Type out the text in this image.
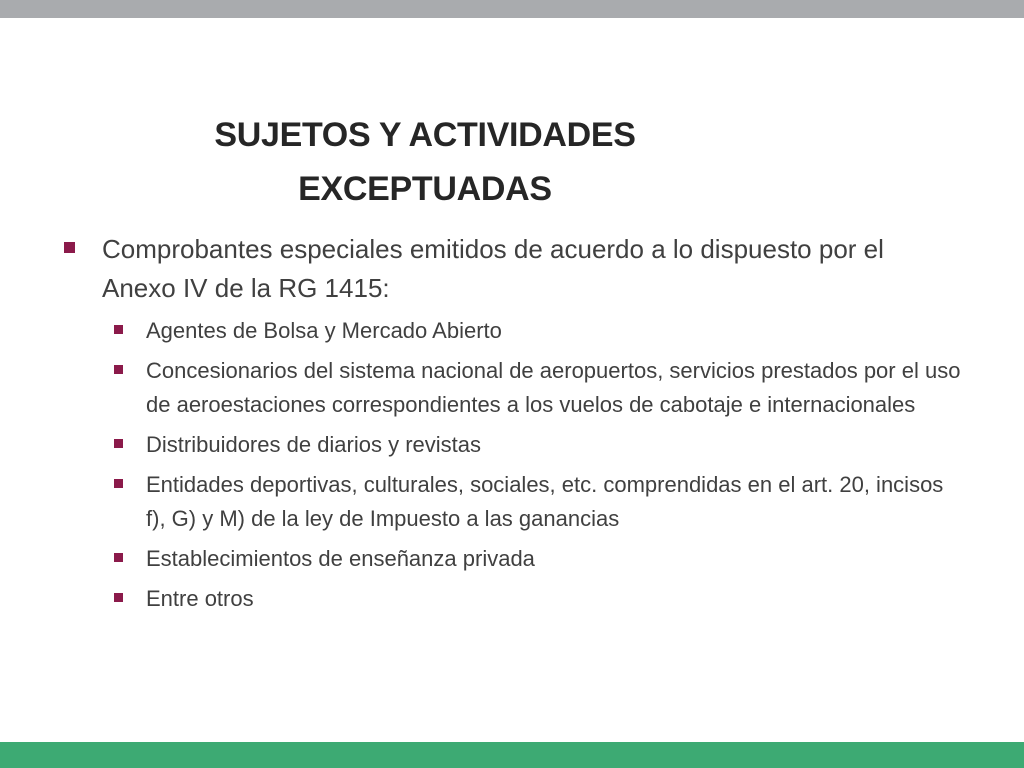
SUJETOS Y ACTIVIDADES
EXCEPTUADAS
Comprobantes especiales emitidos de acuerdo a lo dispuesto por el Anexo IV de la RG 1415:
Agentes de Bolsa y Mercado Abierto
Concesionarios del sistema nacional de aeropuertos, servicios prestados por el uso de aeroestaciones correspondientes a los vuelos de cabotaje e internacionales
Distribuidores de diarios y revistas
Entidades deportivas, culturales, sociales, etc. comprendidas en el art. 20, incisos f), G) y M) de la ley de Impuesto a las ganancias
Establecimientos de enseñanza privada
Entre otros
